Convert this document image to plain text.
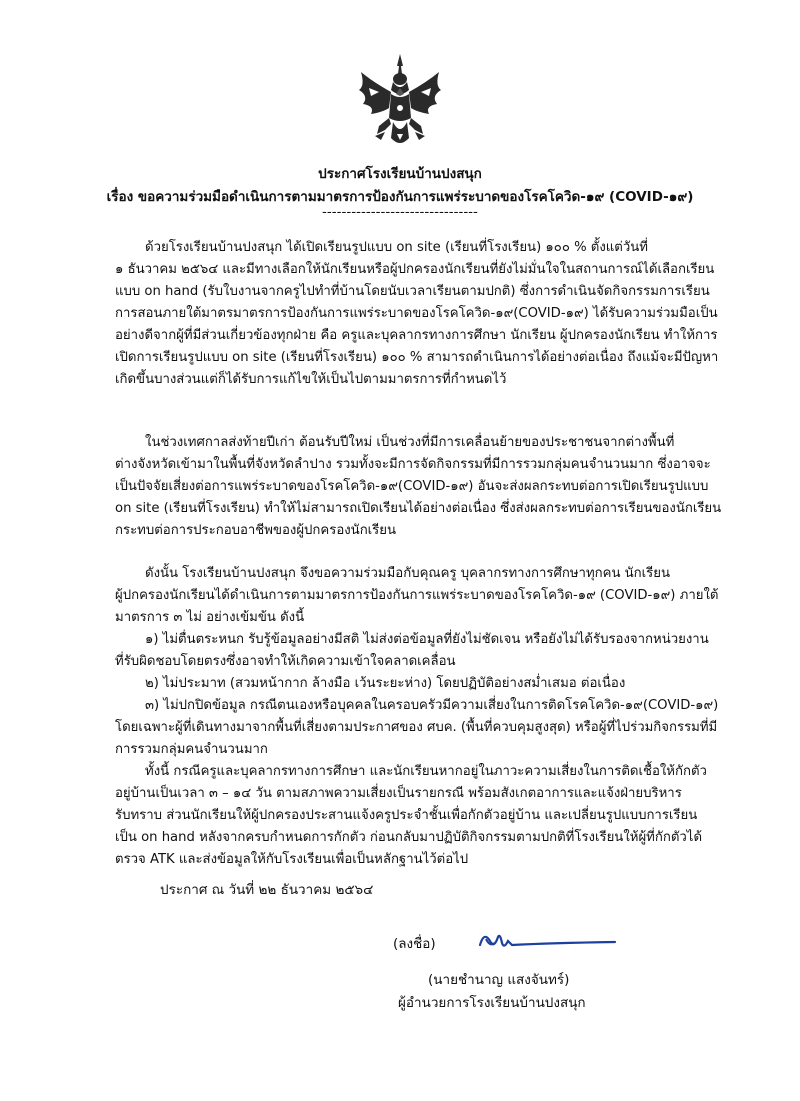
ประกาศโรงเรียนบ้านปงสนุก
เรื่อง ขอความร่วมมือดำเนินการตามมาตรการป้องกันการแพร่ระบาดของโรคโควิด-๑๙ (COVID-๑๙)
--------------------------------

ด้วยโรงเรียนบ้านปงสนุก ได้เปิดเรียนรูปแบบ on site (เรียนที่โรงเรียน) ๑๐๐ % ตั้งแต่วันที่
๑ ธันวาคม ๒๕๖๔ และมีทางเลือกให้นักเรียนหรือผู้ปกครองนักเรียนที่ยังไม่มั่นใจในสถานการณ์ได้เลือกเรียน
แบบ on hand (รับใบงานจากครูไปทำที่บ้านโดยนับเวลาเรียนตามปกติ) ซึ่งการดำเนินจัดกิจกรรมการเรียน
การสอนภายใต้มาตรมาตรการป้องกันการแพร่ระบาดของโรคโควิด-๑๙(COVID-๑๙) ได้รับความร่วมมือเป็น
อย่างดีจากผู้ที่มีส่วนเกี่ยวข้องทุกฝ่าย คือ ครูและบุคลากรทางการศึกษา นักเรียน ผู้ปกครองนักเรียน ทำให้การ
เปิดการเรียนรูปแบบ on site (เรียนที่โรงเรียน) ๑๐๐ % สามารถดำเนินการได้อย่างต่อเนื่อง ถึงแม้จะมีปัญหา
เกิดขึ้นบางส่วนแต่ก็ได้รับการแก้ไขให้เป็นไปตามมาตรการที่กำหนดไว้

ในช่วงเทศกาลส่งท้ายปีเก่า ต้อนรับปีใหม่ เป็นช่วงที่มีการเคลื่อนย้ายของประชาชนจากต่างพื้นที่
ต่างจังหวัดเข้ามาในพื้นที่จังหวัดลำปาง รวมทั้งจะมีการจัดกิจกรรมที่มีการรวมกลุ่มคนจำนวนมาก ซึ่งอาจจะ
เป็นปัจจัยเสี่ยงต่อการแพร่ระบาดของโรคโควิด-๑๙(COVID-๑๙) อันจะส่งผลกระทบต่อการเปิดเรียนรูปแบบ
on site (เรียนที่โรงเรียน) ทำให้ไม่สามารถเปิดเรียนได้อย่างต่อเนื่อง ซึ่งส่งผลกระทบต่อการเรียนของนักเรียน
กระทบต่อการประกอบอาชีพของผู้ปกครองนักเรียน

ดังนั้น โรงเรียนบ้านปงสนุก จึงขอความร่วมมือกับคุณครู บุคลากรทางการศึกษาทุกคน นักเรียน
ผู้ปกครองนักเรียนได้ดำเนินการตามมาตรการป้องกันการแพร่ระบาดของโรคโควิด-๑๙ (COVID-๑๙) ภายใต้
มาตรการ ๓ ไม่ อย่างเข้มข้น ดังนี้
๑) ไม่ตื่นตระหนก รับรู้ข้อมูลอย่างมีสติ ไม่ส่งต่อข้อมูลที่ยังไม่ชัดเจน หรือยังไม่ได้รับรองจากหน่วยงาน
ที่รับผิดชอบโดยตรงซึ่งอาจทำให้เกิดความเข้าใจคลาดเคลื่อน
๒) ไม่ประมาท (สวมหน้ากาก ล้างมือ เว้นระยะห่าง) โดยปฏิบัติอย่างสม่ำเสมอ ต่อเนื่อง
๓) ไม่ปกปิดข้อมูล กรณีตนเองหรือบุคคลในครอบครัวมีความเสี่ยงในการติดโรคโควิด-๑๙(COVID-๑๙)
โดยเฉพาะผู้ที่เดินทางมาจากพื้นที่เสี่ยงตามประกาศของ ศบค. (พื้นที่ควบคุมสูงสุด) หรือผู้ที่ไปร่วมกิจกรรมที่มี
การรวมกลุ่มคนจำนวนมาก
ทั้งนี้ กรณีครูและบุคลากรทางการศึกษา และนักเรียนหากอยู่ในภาวะความเสี่ยงในการติดเชื้อให้กักตัว
อยู่บ้านเป็นเวลา ๓ – ๑๔ วัน ตามสภาพความเสี่ยงเป็นรายกรณี พร้อมสังเกตอาการและแจ้งฝ่ายบริหาร
รับทราบ ส่วนนักเรียนให้ผู้ปกครองประสานแจ้งครูประจำชั้นเพื่อกักตัวอยู่บ้าน และเปลี่ยนรูปแบบการเรียน
เป็น on hand หลังจากครบกำหนดการกักตัว ก่อนกลับมาปฏิบัติกิจกรรมตามปกติที่โรงเรียนให้ผู้ที่กักตัวได้
ตรวจ ATK และส่งข้อมูลให้กับโรงเรียนเพื่อเป็นหลักฐานไว้ต่อไป

ประกาศ ณ วันที่ ๒๒ ธันวาคม ๒๕๖๔
(ลงชื่อ)
(นายชำนาญ แสงจันทร์)
ผู้อำนวยการโรงเรียนบ้านปงสนุก
